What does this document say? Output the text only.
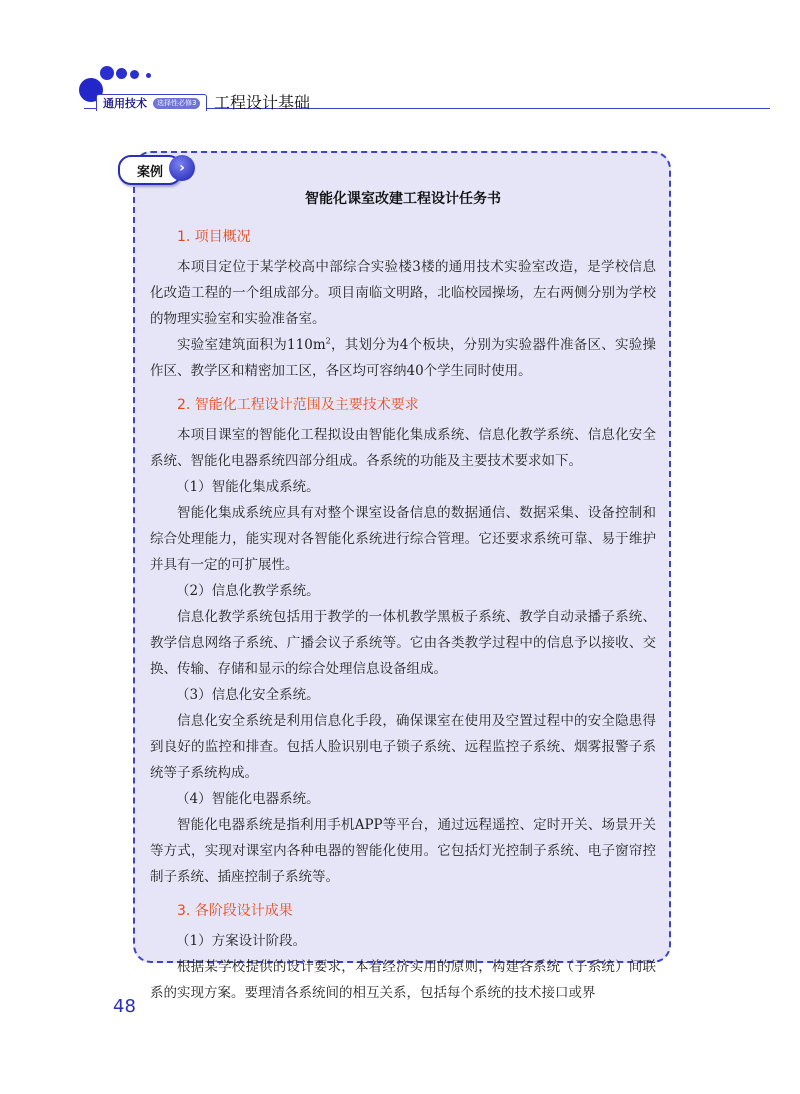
通用技术	选择性必修3 工程设计基础
案例	›
智能化课室改建工程设计任务书
1. 项目概况

本项目定位于某学校高中部综合实验楼3楼的通用技术实验室改造，是学校信息化改造工程的一个组成部分。项目南临文明路，北临校园操场，左右两侧分别为学校的物理实验室和实验准备室。

实验室建筑面积为$110m^2$，其划分为4个板块，分别为实验器件准备区、实验操作区、教学区和精密加工区，各区均可容纳40个学生同时使用。

2. 智能化工程设计范围及主要技术要求

本项目课室的智能化工程拟设由智能化集成系统、信息化教学系统、信息化安全系统、智能化电器系统四部分组成。各系统的功能及主要技术要求如下。

（1）智能化集成系统。

智能化集成系统应具有对整个课室设备信息的数据通信、数据采集、设备控制和综合处理能力，能实现对各智能化系统进行综合管理。它还要求系统可靠、易于维护并具有一定的可扩展性。

（2）信息化教学系统。

信息化教学系统包括用于教学的一体机教学黑板子系统、教学自动录播子系统、教学信息网络子系统、广播会议子系统等。它由各类教学过程中的信息予以接收、交换、传输、存储和显示的综合处理信息设备组成。

（3）信息化安全系统。

信息化安全系统是利用信息化手段，确保课室在使用及空置过程中的安全隐患得到良好的监控和排查。包括人脸识别电子锁子系统、远程监控子系统、烟雾报警子系统等子系统构成。

（4）智能化电器系统。

智能化电器系统是指利用手机APP等平台，通过远程遥控、定时开关、场景开关等方式，实现对课室内各种电器的智能化使用。它包括灯光控制子系统、电子窗帘控制子系统、插座控制子系统等。

3. 各阶段设计成果

（1）方案设计阶段。

根据某学校提供的设计要求，本着经济实用的原则，构建各系统（子系统）间联系的实现方案。要理清各系统间的相互关系，包括每个系统的技术接口或界

48
